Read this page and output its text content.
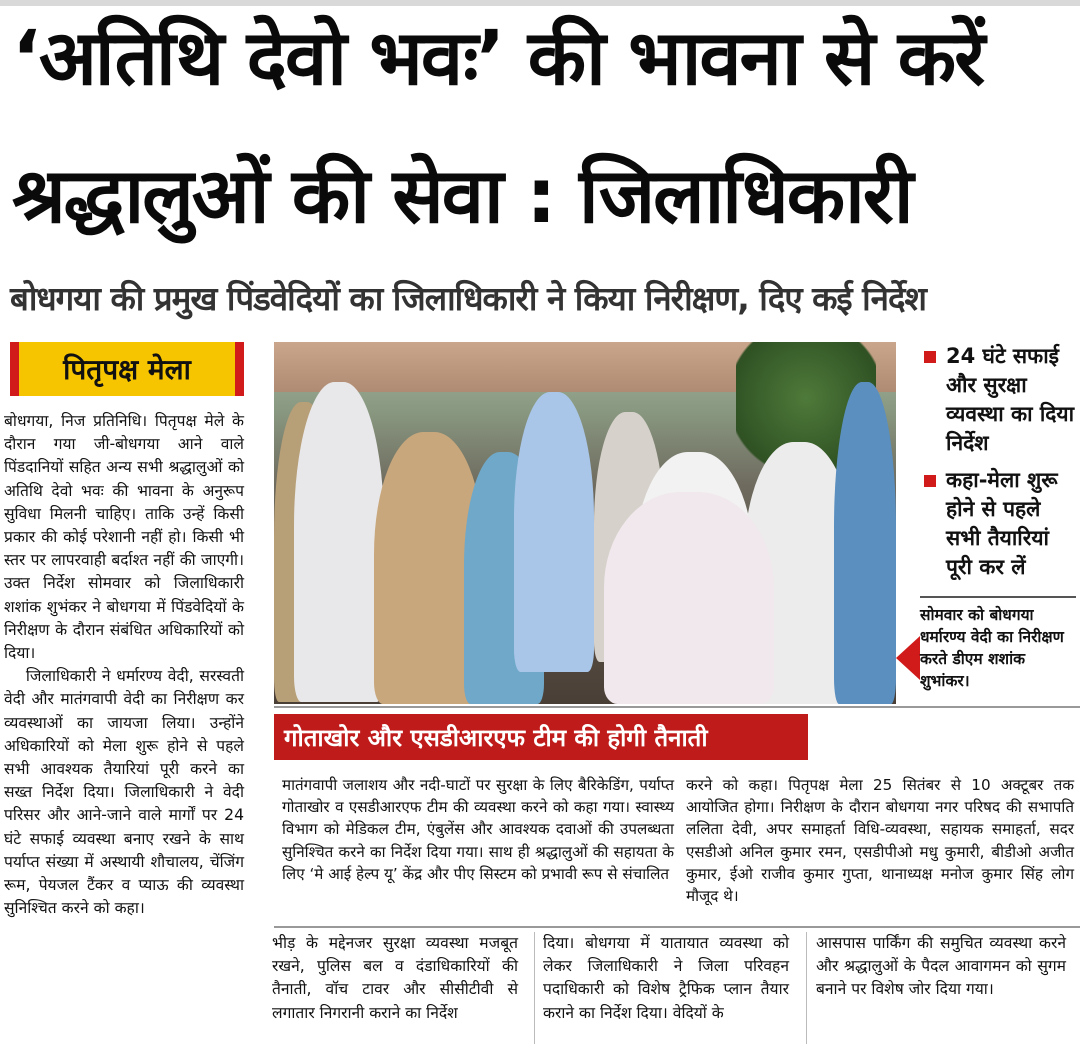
‘अतिथि देवो भवः’ की भावना से करें
श्रद्धालुओं की सेवा : जिलाधिकारी
बोधगया की प्रमुख पिंडवेदियों का जिलाधिकारी ने किया निरीक्षण, दिए कई निर्देश
पितृपक्ष मेला

बोधगया, निज प्रतिनिधि। पितृपक्ष मेले के दौरान गया जी-बोधगया आने वाले पिंडदानियों सहित अन्य सभी श्रद्धालुओं को अतिथि देवो भवः की भावना के अनुरूप सुविधा मिलनी चाहिए। ताकि उन्हें किसी प्रकार की कोई परेशानी नहीं हो। किसी भी स्तर पर लापरवाही बर्दाश्त नहीं की जाएगी। उक्त निर्देश सोमवार को जिलाधिकारी शशांक शुभंकर ने बोधगया में पिंडवेदियों के निरीक्षण के दौरान संबंधित अधिकारियों को दिया।

जिलाधिकारी ने धर्मारण्य वेदी, सरस्वती वेदी और मातंगवापी वेदी का निरीक्षण कर व्यवस्थाओं का जायजा लिया। उन्होंने अधिकारियों को मेला शुरू होने से पहले सभी आवश्यक तैयारियां पूरी करने का सख्त निर्देश दिया। जिलाधिकारी ने वेदी परिसर और आने-जाने वाले मार्गों पर 24 घंटे सफाई व्यवस्था बनाए रखने के साथ पर्याप्त संख्या में अस्थायी शौचालय, चेंजिंग रूम, पेयजल टैंकर व प्याऊ की व्यवस्था सुनिश्चित करने को कहा।

24 घंटे सफाई और सुरक्षा व्यवस्था का दिया निर्देश
कहा-मेला शुरू होने से पहले सभी तैयारियां पूरी कर लें
सोमवार को बोधगया धर्मारण्य वेदी का निरीक्षण करते डीएम शशांक शुभांकर।
गोताखोर और एसडीआरएफ टीम की होगी तैनाती
मातंगवापी जलाशय और नदी-घाटों पर सुरक्षा के लिए बैरिकेडिंग, पर्याप्त गोताखोर व एसडीआरएफ टीम की व्यवस्था करने को कहा गया। स्वास्थ्य विभाग को मेडिकल टीम, एंबुलेंस और आवश्यक दवाओं की उपलब्धता सुनिश्चित करने का निर्देश दिया गया। साथ ही श्रद्धालुओं की सहायता के लिए ‘मे आई हेल्प यू’ केंद्र और पीए सिस्टम को प्रभावी रूप से संचालित
करने को कहा। पितृपक्ष मेला 25 सितंबर से 10 अक्टूबर तक आयोजित होगा। निरीक्षण के दौरान बोधगया नगर परिषद की सभापति ललिता देवी, अपर समाहर्ता विधि-व्यवस्था, सहायक समाहर्ता, सदर एसडीओ अनिल कुमार रमन, एसडीपीओ मधु कुमारी, बीडीओ अजीत कुमार, ईओ राजीव कुमार गुप्ता, थानाध्यक्ष मनोज कुमार सिंह लोग मौजूद थे।
भीड़ के मद्देनजर सुरक्षा व्यवस्था मजबूत रखने, पुलिस बल व दंडाधिकारियों की तैनाती, वॉच टावर और सीसीटीवी से लगातार निगरानी कराने का निर्देश
दिया। बोधगया में यातायात व्यवस्था को लेकर जिलाधिकारी ने जिला परिवहन पदाधिकारी को विशेष ट्रैफिक प्लान तैयार कराने का निर्देश दिया। वेदियों के
आसपास पार्किंग की समुचित व्यवस्था करने और श्रद्धालुओं के पैदल आवागमन को सुगम बनाने पर विशेष जोर दिया गया।
